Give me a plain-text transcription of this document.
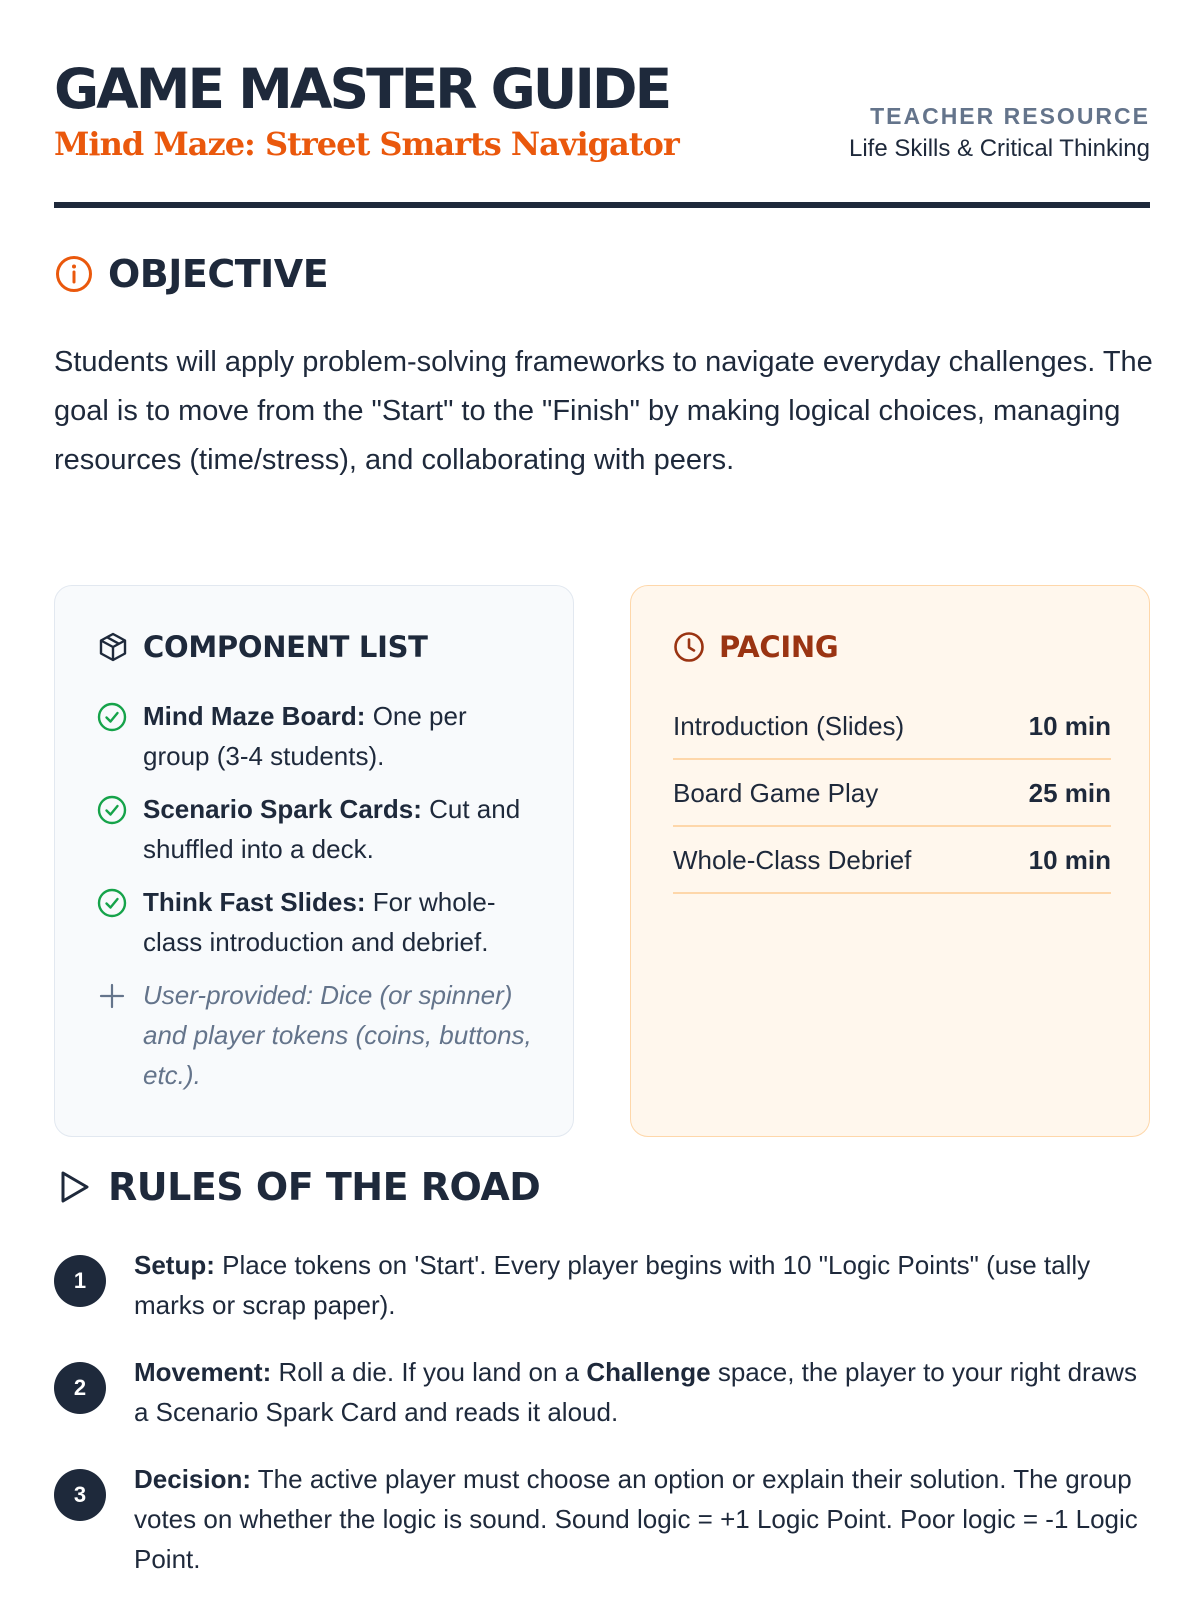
GAME MASTER GUIDE
Mind Maze: Street Smarts Navigator
TEACHER RESOURCE
Life Skills & Critical Thinking
OBJECTIVE

Students will apply problem-solving frameworks to navigate everyday challenges. The goal is to move from the "Start" to the "Finish" by making logical choices, managing resources (time/stress), and collaborating with peers.

COMPONENT LIST
Mind Maze Board: One per group (3-4 students).
Scenario Spark Cards: Cut and shuffled into a deck.
Think Fast Slides: For whole-class introduction and debrief.
User-provided: Dice (or spinner) and player tokens (coins, buttons, etc.).
PACING
Introduction (Slides)	10 min
Board Game Play	25 min
Whole-Class Debrief	10 min
RULES OF THE ROAD
1
Setup: Place tokens on 'Start'. Every player begins with 10 "Logic Points" (use tally marks or scrap paper).
2
Movement: Roll a die. If you land on a Challenge space, the player to your right draws a Scenario Spark Card and reads it aloud.
3
Decision: The active player must choose an option or explain their solution. The group votes on whether the logic is sound. Sound logic = +1 Logic Point. Poor logic = -1 Logic Point.
